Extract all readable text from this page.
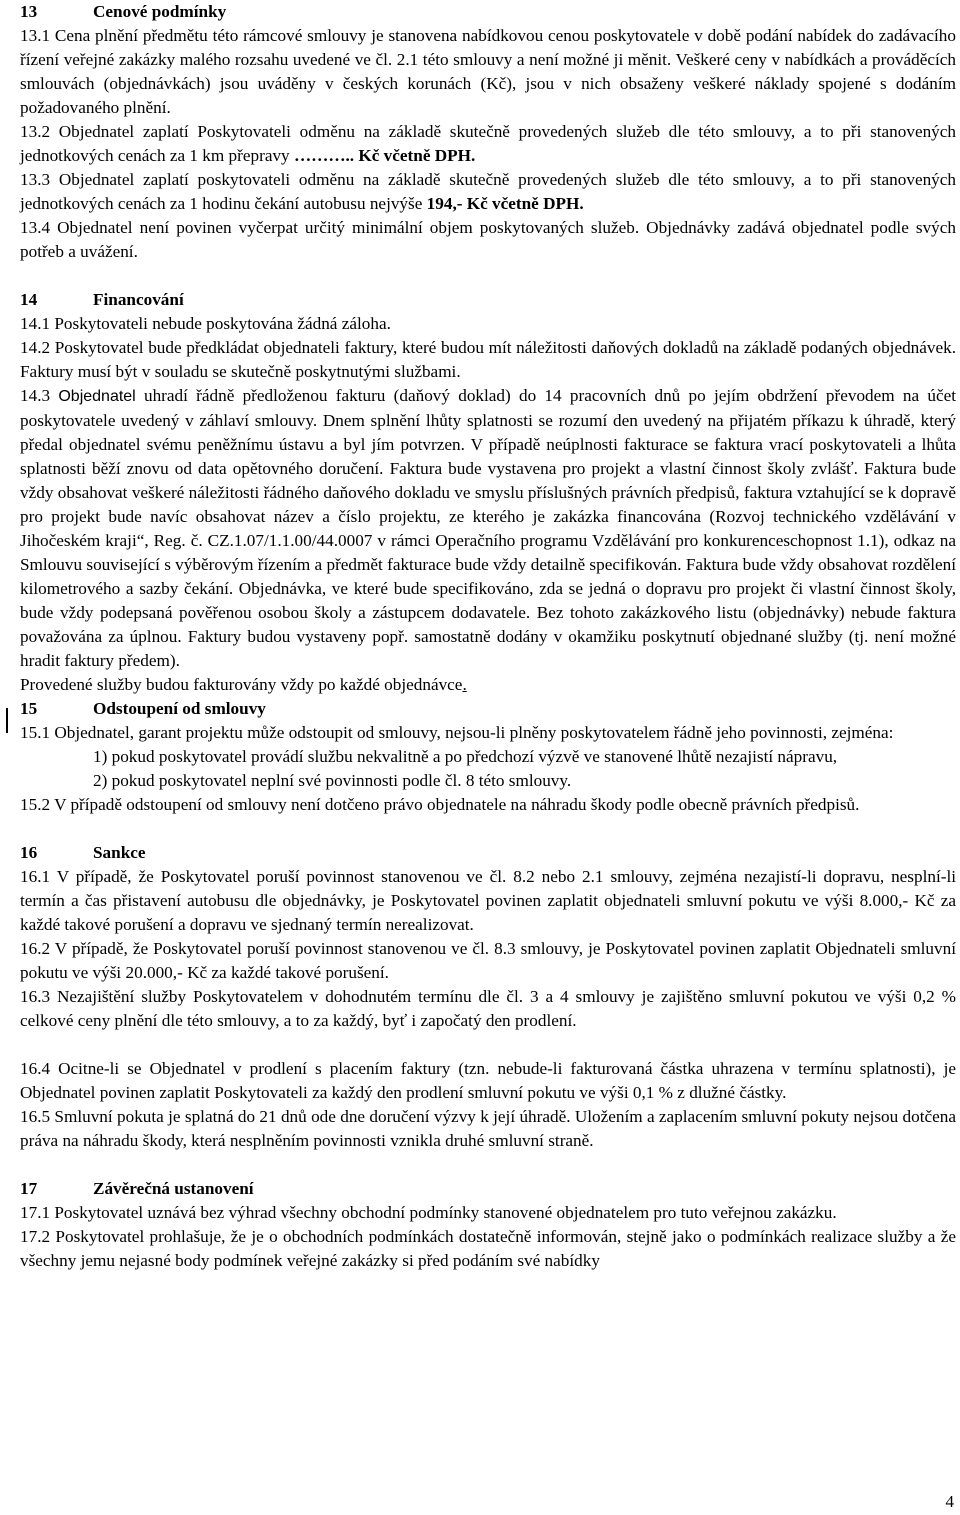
13	Cenové podmínky

13.1 Cena plnění předmětu této rámcové smlouvy je stanovena nabídkovou cenou poskytovatele v době podání nabídek do zadávacího řízení veřejné zakázky malého rozsahu uvedené ve čl. 2.1 této smlouvy a není možné ji měnit. Veškeré ceny v nabídkách a prováděcích smlouvách (objednávkách) jsou uváděny v českých korunách (Kč), jsou v nich obsaženy veškeré náklady spojené s dodáním požadovaného plnění.

13.2 Objednatel zaplatí Poskytovateli odměnu na základě skutečně provedených služeb dle této smlouvy, a to při stanovených jednotkových cenách za 1 km přepravy ……….. Kč včetně DPH.

13.3 Objednatel zaplatí poskytovateli odměnu na základě skutečně provedených služeb dle této smlouvy, a to při stanovených jednotkových cenách za 1 hodinu čekání autobusu nejvýše 194,- Kč včetně DPH.

13.4 Objednatel není povinen vyčerpat určitý minimální objem poskytovaných služeb. Objednávky zadává objednatel podle svých potřeb a uvážení.

14	Financování

14.1 Poskytovateli nebude poskytována žádná záloha.

14.2 Poskytovatel bude předkládat objednateli faktury, které budou mít náležitosti daňových dokladů na základě podaných objednávek. Faktury musí být v souladu se skutečně poskytnutými službami.

14.3 Objednatel uhradí řádně předloženou fakturu (daňový doklad) do 14 pracovních dnů po jejím obdržení převodem na účet poskytovatele uvedený v záhlaví smlouvy. Dnem splnění lhůty splatnosti se rozumí den uvedený na přijatém příkazu k úhradě, který předal objednatel svému peněžnímu ústavu a byl jím potvrzen. V případě neúplnosti fakturace se faktura vrací poskytovateli a lhůta splatnosti běží znovu od data opětovného doručení. Faktura bude vystavena pro projekt a vlastní činnost školy zvlášť. Faktura bude vždy obsahovat veškeré náležitosti řádného daňového dokladu ve smyslu příslušných právních předpisů, faktura vztahující se k dopravě pro projekt bude navíc obsahovat název a číslo projektu, ze kterého je zakázka financována (Rozvoj technického vzdělávání v Jihočeském kraji“, Reg. č. CZ.1.07/1.1.00/44.0007 v rámci Operačního programu Vzdělávání pro konkurenceschopnost 1.1), odkaz na Smlouvu související s výběrovým řízením a předmět fakturace bude vždy detailně specifikován. Faktura bude vždy obsahovat rozdělení kilometrového a sazby čekání. Objednávka, ve které bude specifikováno, zda se jedná o dopravu pro projekt či vlastní činnost školy, bude vždy podepsaná pověřenou osobou školy a zástupcem dodavatele. Bez tohoto zakázkového listu (objednávky) nebude faktura považována za úplnou. Faktury budou vystaveny popř. samostatně dodány v okamžiku poskytnutí objednané služby (tj. není možné hradit faktury předem).

Provedené služby budou fakturovány vždy po každé objednávce.

15	Odstoupení od smlouvy

15.1 Objednatel, garant projektu může odstoupit od smlouvy, nejsou-li plněny poskytovatelem řádně jeho povinnosti, zejména:

1) pokud poskytovatel provádí službu nekvalitně a po předchozí výzvě ve stanovené lhůtě nezajistí nápravu,

2) pokud poskytovatel neplní své povinnosti podle čl. 8 této smlouvy.

15.2 V případě odstoupení od smlouvy není dotčeno právo objednatele na náhradu škody podle obecně právních předpisů.

16	Sankce

16.1 V případě, že Poskytovatel poruší povinnost stanovenou ve čl. 8.2 nebo 2.1 smlouvy, zejména nezajistí-li dopravu, nesplní-li termín a čas přistavení autobusu dle objednávky, je Poskytovatel povinen zaplatit objednateli smluvní pokutu ve výši 8.000,- Kč za každé takové porušení a dopravu ve sjednaný termín nerealizovat.

16.2 V případě, že Poskytovatel poruší povinnost stanovenou ve čl. 8.3 smlouvy, je Poskytovatel povinen zaplatit Objednateli smluvní pokutu ve výši 20.000,- Kč za každé takové porušení.

16.3 Nezajištění služby Poskytovatelem v dohodnutém termínu dle čl. 3 a 4 smlouvy je zajištěno smluvní pokutou ve výši 0,2 % celkové ceny plnění dle této smlouvy, a to za každý, byť i započatý den prodlení.

16.4 Ocitne-li se Objednatel v prodlení s placením faktury (tzn. nebude-li fakturovaná částka uhrazena v termínu splatnosti), je Objednatel povinen zaplatit Poskytovateli za každý den prodlení smluvní pokutu ve výši 0,1 % z dlužné částky.

16.5 Smluvní pokuta je splatná do 21 dnů ode dne doručení výzvy k její úhradě. Uložením a zaplacením smluvní pokuty nejsou dotčena práva na náhradu škody, která nesplněním povinnosti vznikla druhé smluvní straně.

17	Závěrečná ustanovení

17.1 Poskytovatel uznává bez výhrad všechny obchodní podmínky stanovené objednatelem pro tuto veřejnou zakázku.

17.2 Poskytovatel prohlašuje, že je o obchodních podmínkách dostatečně informován, stejně jako o podmínkách realizace služby a že všechny jemu nejasné body podmínek veřejné zakázky si před podáním své nabídky

4
